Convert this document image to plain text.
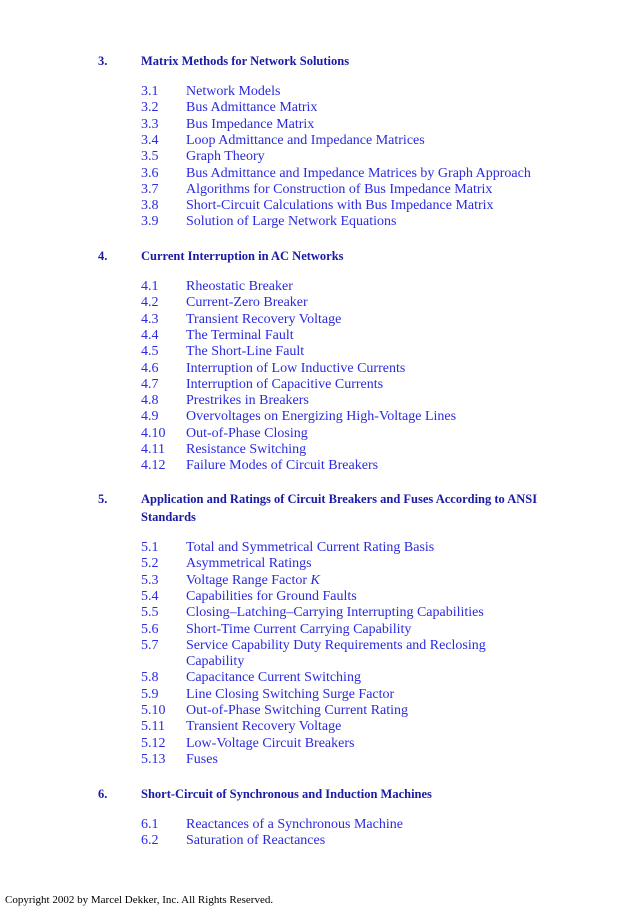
3.	Matrix Methods for Network Solutions
3.1 Network Models
3.2 Bus Admittance Matrix
3.3 Bus Impedance Matrix
3.4 Loop Admittance and Impedance Matrices
3.5 Graph Theory
3.6 Bus Admittance and Impedance Matrices by Graph Approach
3.7 Algorithms for Construction of Bus Impedance Matrix
3.8 Short-Circuit Calculations with Bus Impedance Matrix
3.9 Solution of Large Network Equations
4.	Current Interruption in AC Networks
4.1 Rheostatic Breaker
4.2 Current-Zero Breaker
4.3 Transient Recovery Voltage
4.4 The Terminal Fault
4.5 The Short-Line Fault
4.6 Interruption of Low Inductive Currents
4.7 Interruption of Capacitive Currents
4.8 Prestrikes in Breakers
4.9 Overvoltages on Energizing High-Voltage Lines
4.10 Out-of-Phase Closing
4.11 Resistance Switching
4.12 Failure Modes of Circuit Breakers
5.	Application and Ratings of Circuit Breakers and Fuses According to ANSI Standards
5.1 Total and Symmetrical Current Rating Basis
5.2 Asymmetrical Ratings
5.3 Voltage Range Factor K
5.4 Capabilities for Ground Faults
5.5 Closing–Latching–Carrying Interrupting Capabilities
5.6 Short-Time Current Carrying Capability
5.7 Service Capability Duty Requirements and Reclosing Capability
5.8 Capacitance Current Switching
5.9 Line Closing Switching Surge Factor
5.10 Out-of-Phase Switching Current Rating
5.11 Transient Recovery Voltage
5.12 Low-Voltage Circuit Breakers
5.13 Fuses
6.	Short-Circuit of Synchronous and Induction Machines
6.1 Reactances of a Synchronous Machine
6.2 Saturation of Reactances
Copyright 2002 by Marcel Dekker, Inc. All Rights Reserved.
